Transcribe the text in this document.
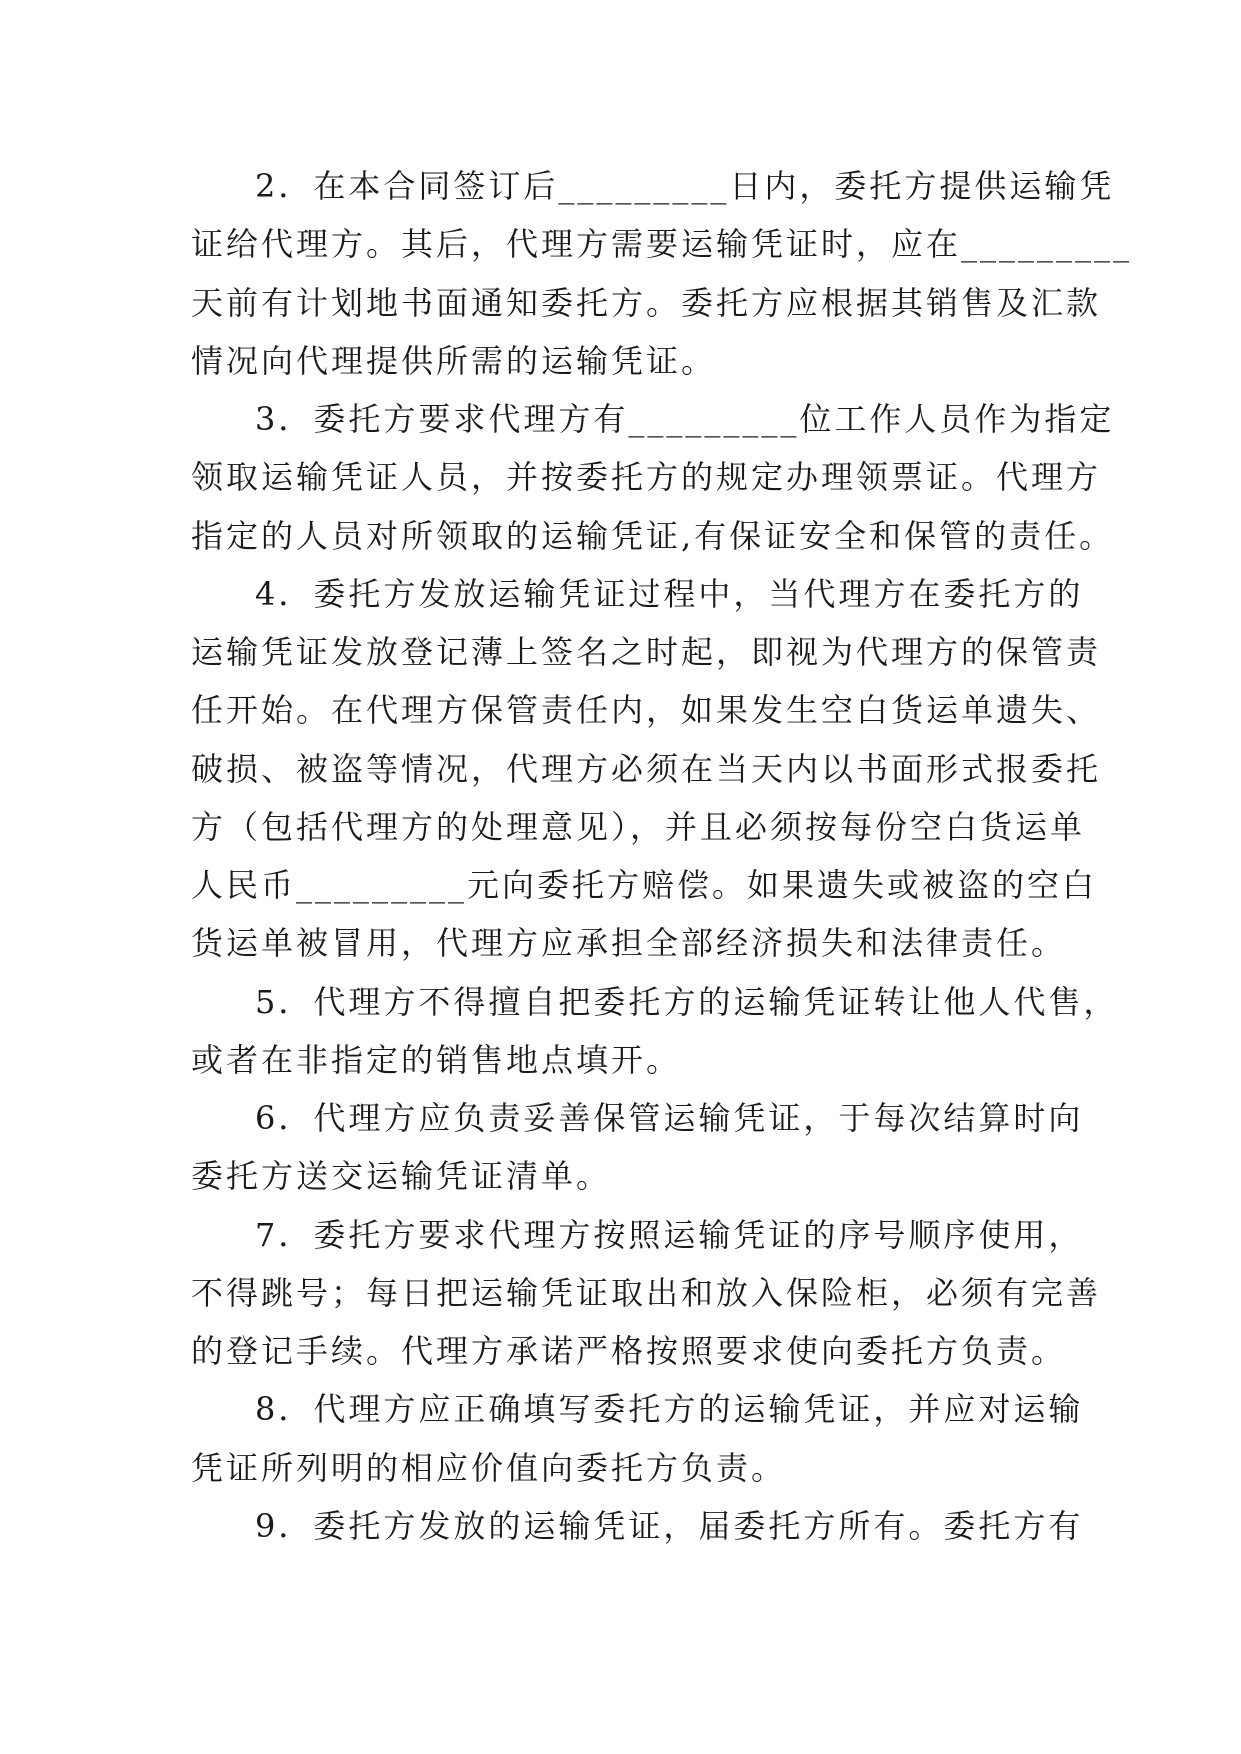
2．在本合同签订后_________日内，委托方提供运输凭
证给代理方。其后，代理方需要运输凭证时，应在_________
天前有计划地书面通知委托方。委托方应根据其销售及汇款
情况向代理提供所需的运输凭证。
3．委托方要求代理方有_________位工作人员作为指定
领取运输凭证人员，并按委托方的规定办理领票证。代理方
指定的人员对所领取的运输凭证,有保证安全和保管的责任。
4．委托方发放运输凭证过程中，当代理方在委托方的
运输凭证发放登记薄上签名之时起，即视为代理方的保管责
任开始。在代理方保管责任内，如果发生空白货运单遗失、
破损、被盗等情况，代理方必须在当天内以书面形式报委托
方（包括代理方的处理意见），并且必须按每份空白货运单
人民币_________元向委托方赔偿。如果遗失或被盗的空白
货运单被冒用，代理方应承担全部经济损失和法律责任。
5．代理方不得擅自把委托方的运输凭证转让他人代售，
或者在非指定的销售地点填开。
6．代理方应负责妥善保管运输凭证，于每次结算时向
委托方送交运输凭证清单。
7．委托方要求代理方按照运输凭证的序号顺序使用，
不得跳号；每日把运输凭证取出和放入保险柜，必须有完善
的登记手续。代理方承诺严格按照要求使向委托方负责。
8．代理方应正确填写委托方的运输凭证，并应对运输
凭证所列明的相应价值向委托方负责。
9．委托方发放的运输凭证，届委托方所有。委托方有
